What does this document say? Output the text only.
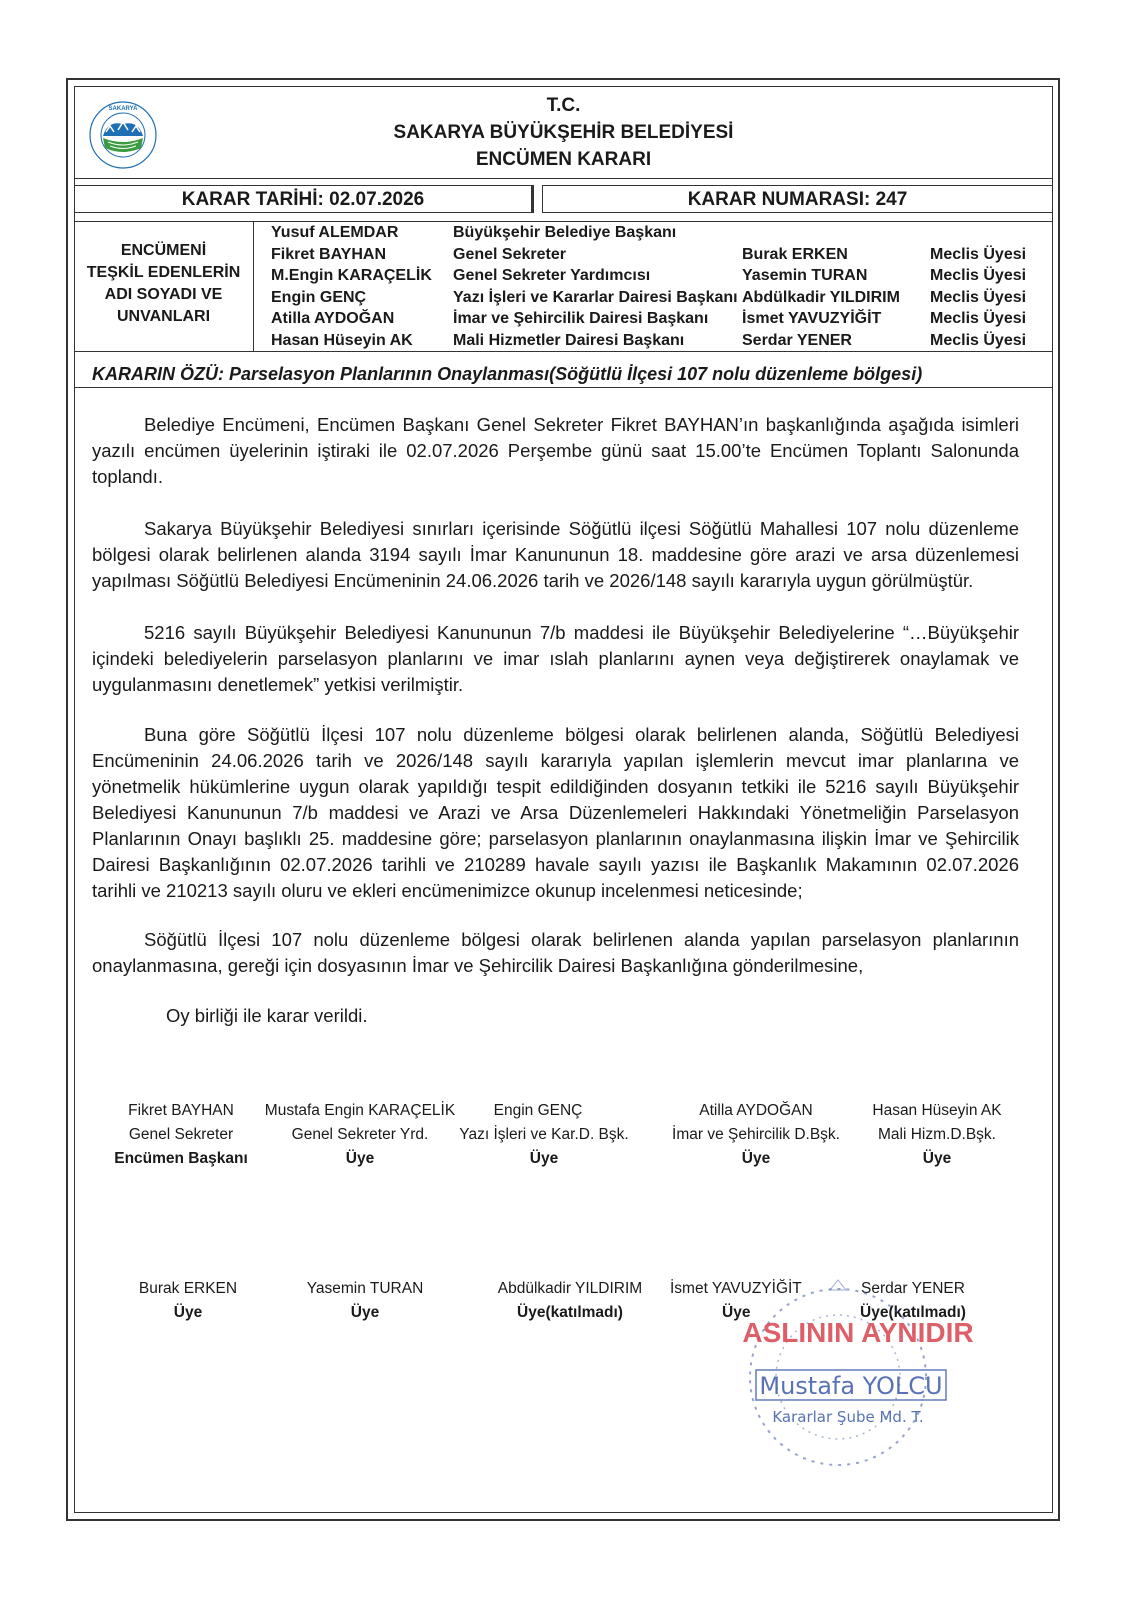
T.C.
SAKARYA BÜYÜKŞEHİR BELEDİYESİ
ENCÜMEN KARARI
SAKARYA
KARAR TARİHİ: 02.07.2026	KARAR NUMARASI: 247
ENCÜMENİ
TEŞKİL EDENLERİN
ADI SOYADI VE
UNVANLARI
Yusuf ALEMDAR
Fikret BAYHAN
M.Engin KARAÇELİK
Engin GENÇ
Atilla AYDOĞAN
Hasan Hüseyin AK
Büyükşehir Belediye Başkanı
Genel Sekreter
Genel Sekreter Yardımcısı
Yazı İşleri ve Kararlar Dairesi Başkanı
İmar ve Şehircilik Dairesi Başkanı
Mali Hizmetler Dairesi Başkanı
Burak ERKEN
Yasemin TURAN
Abdülkadir YILDIRIM
İsmet YAVUZYİĞİT
Serdar YENER
Meclis Üyesi
Meclis Üyesi
Meclis Üyesi
Meclis Üyesi
Meclis Üyesi
KARARIN ÖZÜ: Parselasyon Planlarının Onaylanması(Söğütlü İlçesi 107 nolu düzenleme bölgesi)
Belediye Encümeni, Encümen Başkanı Genel Sekreter Fikret BAYHAN’ın başkanlığında aşağıda isimleri yazılı encümen üyelerinin iştiraki ile 02.07.2026 Perşembe günü saat 15.00’te Encümen Toplantı Salonunda toplandı.
Sakarya Büyükşehir Belediyesi sınırları içerisinde Söğütlü ilçesi Söğütlü Mahallesi 107 nolu düzenleme bölgesi olarak belirlenen alanda 3194 sayılı İmar Kanununun 18. maddesine göre arazi ve arsa düzenlemesi yapılması Söğütlü Belediyesi Encümeninin 24.06.2026 tarih ve 2026/148 sayılı kararıyla uygun görülmüştür.
5216 sayılı Büyükşehir Belediyesi Kanununun 7/b maddesi ile Büyükşehir Belediyelerine “…Büyükşehir içindeki belediyelerin parselasyon planlarını ve imar ıslah planlarını aynen veya değiştirerek onaylamak ve uygulanmasını denetlemek” yetkisi verilmiştir.
Buna göre Söğütlü İlçesi 107 nolu düzenleme bölgesi olarak belirlenen alanda, Söğütlü Belediyesi Encümeninin 24.06.2026 tarih ve 2026/148 sayılı kararıyla yapılan işlemlerin mevcut imar planlarına ve yönetmelik hükümlerine uygun olarak yapıldığı tespit edildiğinden dosyanın tetkiki ile 5216 sayılı Büyükşehir Belediyesi Kanununun 7/b maddesi ve Arazi ve Arsa Düzenlemeleri Hakkındaki Yönetmeliğin Parselasyon Planlarının Onayı başlıklı 25. maddesine göre; parselasyon planlarının onaylanmasına ilişkin İmar ve Şehircilik Dairesi Başkanlığının 02.07.2026 tarihli ve 210289 havale sayılı yazısı ile Başkanlık Makamının 02.07.2026 tarihli ve 210213 sayılı oluru ve ekleri encümenimizce okunup incelenmesi neticesinde;
Söğütlü İlçesi 107 nolu düzenleme bölgesi olarak belirlenen alanda yapılan parselasyon planlarının onaylanmasına, gereği için dosyasının İmar ve Şehircilik Dairesi Başkanlığına gönderilmesine,
Oy birliği ile karar verildi.
Fikret BAYHAN
Genel Sekreter
Encümen Başkanı
Mustafa Engin KARAÇELİK
Genel Sekreter Yrd.
Üye
Engin GENÇ
Yazı İşleri ve Kar.D. Bşk.
Üye
Atilla AYDOĞAN
İmar ve Şehircilik D.Bşk.
Üye
Hasan Hüseyin AK
Mali Hizm.D.Bşk.
Üye
Burak ERKEN
Üye
Yasemin TURAN
Üye
Abdülkadir YILDIRIM
Üye(katılmadı)
İsmet YAVUZYİĞİT
Üye
Serdar YENER
Üye(katılmadı)
ASLININ AYNIDIR
Mustafa YOLCU
Kararlar Şube Md. T.
